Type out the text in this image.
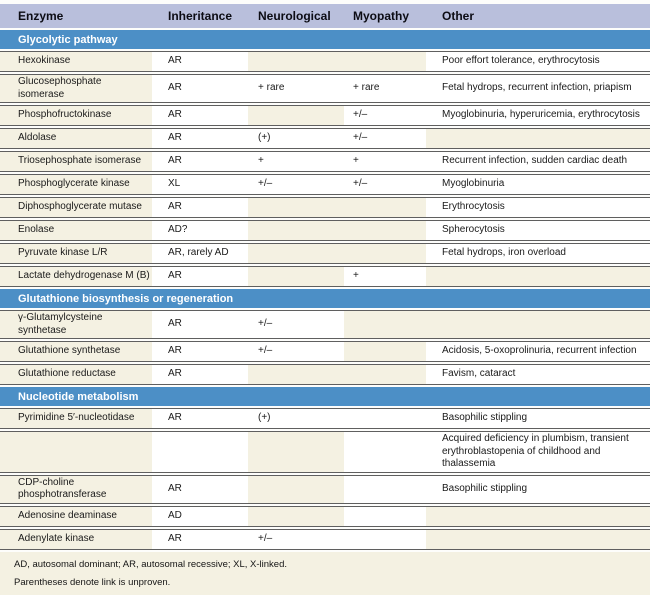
Enzyme	Inheritance	Neurological	Myopathy	Other
Glycolytic pathway				
Hexokinase	AR			Poor effort tolerance, erythrocytosis
Glucosephosphate isomerase	AR	+ rare	+ rare	Fetal hydrops, recurrent infection, priapism
Phosphofructokinase	AR		+/–	Myoglobinuria, hyperuricemia, erythrocytosis
Aldolase	AR	(+)	+/–	
Triosephosphate isomerase	AR	+	+	Recurrent infection, sudden cardiac death
Phosphoglycerate kinase	XL	+/–	+/–	Myoglobinuria
Diphosphoglycerate mutase	AR			Erythrocytosis
Enolase	AD?			Spherocytosis
Pyruvate kinase L/R	AR, rarely AD			Fetal hydrops, iron overload
Lactate dehydrogenase M (B)	AR		+	
Glutathione biosynthesis or regeneration				
γ-Glutamylcysteine synthetase	AR	+/–		
Glutathione synthetase	AR	+/–		Acidosis, 5-oxoprolinuria, recurrent infection
Glutathione reductase	AR			Favism, cataract
Nucleotide metabolism				
Pyrimidine 5′-nucleotidase	AR	(+)		Basophilic stippling
				Acquired deficiency in plumbism, transient erythroblastopenia of childhood and thalassemia
CDP-choline phosphotransferase	AR			Basophilic stippling
Adenosine deaminase	AD			
Adenylate kinase	AR	+/–		

AD, autosomal dominant; AR, autosomal recessive; XL, X-linked.

Parentheses denote link is unproven.
